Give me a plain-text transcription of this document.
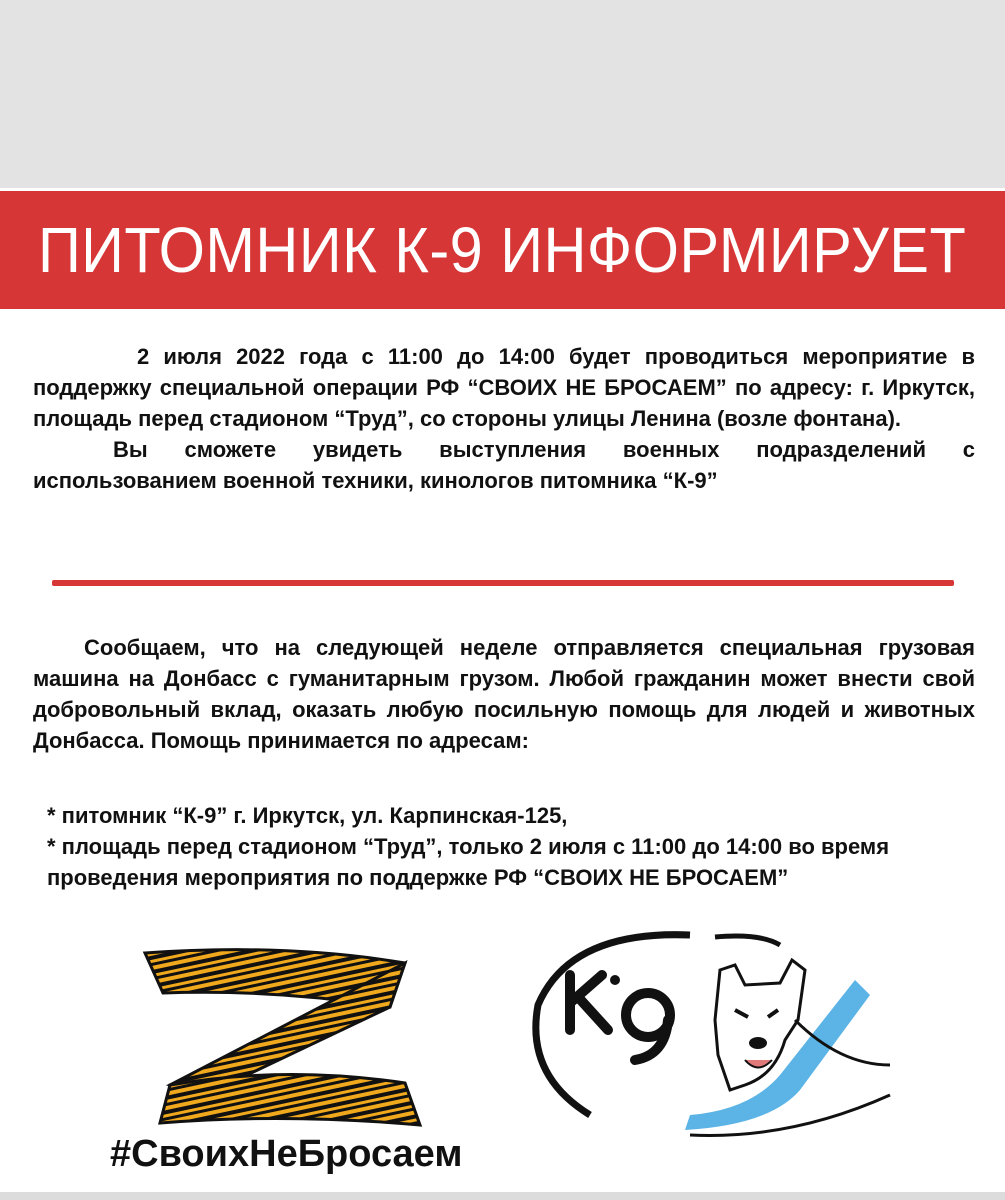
ПИТОМНИК К-9 ИНФОРМИРУЕТ

2 июля 2022 года с 11:00 до 14:00 будет проводиться мероприятие в поддержку специальной операции РФ “СВОИХ НЕ БРОСАЕМ” по адресу: г. Иркутск, площадь перед стадионом “Труд”, со стороны улицы Ленина (возле фонтана).

Вы сможете увидеть выступления военных подразделений с использованием военной техники, кинологов питомника “К-9”

Сообщаем, что на следующей неделе отправляется специальная грузовая машина на Донбасс с гуманитарным грузом. Любой гражданин может внести свой добровольный вклад, оказать любую посильную помощь для людей и животных Донбасса. Помощь принимается по адресам:

* питомник “К-9” г. Иркутск, ул. Карпинская-125,

* площадь перед стадионом “Труд”, только 2 июля с 11:00 до 14:00 во время проведения мероприятия по поддержке РФ “СВОИХ НЕ БРОСАЕМ”

#СвоихНеБросаем
K-9
